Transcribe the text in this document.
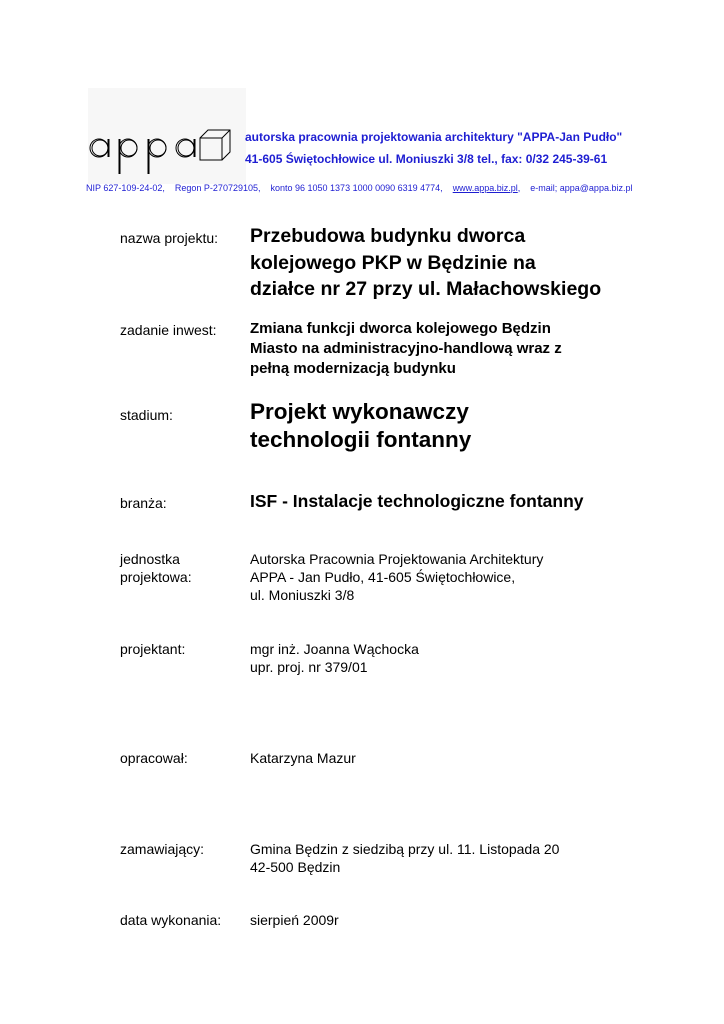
autorska pracownia projektowania architektury "APPA-Jan Pudło"
41-605 Świętochłowice ul. Moniuszki 3/8 tel., fax: 0/32 245-39-61
NIP 627-109-24-02, Regon P-270729105, konto 96 1050 1373 1000 0090 6319 4774, www.appa.biz.pl, e-mail; appa@appa.biz.pl
nazwa projektu: Przebudowa budynku dworca
kolejowego PKP w Będzinie na
działce nr 27 przy ul. Małachowskiego
zadanie inwest: Zmiana funkcji dworca kolejowego Będzin
Miasto na administracyjno-handlową wraz z
pełną modernizacją budynku
stadium:	Projekt wykonawczy
technologii fontanny
branża:	ISF - Instalacje technologiczne fontanny
jednostka
projektowa:
Autorska Pracownia Projektowania Architektury
APPA - Jan Pudło, 41-605 Świętochłowice,
ul. Moniuszki 3/8
projektant:	mgr inż. Joanna Wąchocka
upr. proj. nr 379/01
opracował:	Katarzyna Mazur
zamawiający:	Gmina Będzin z siedzibą przy ul. 11. Listopada 20
42-500 Będzin
data wykonania: sierpień 2009r
